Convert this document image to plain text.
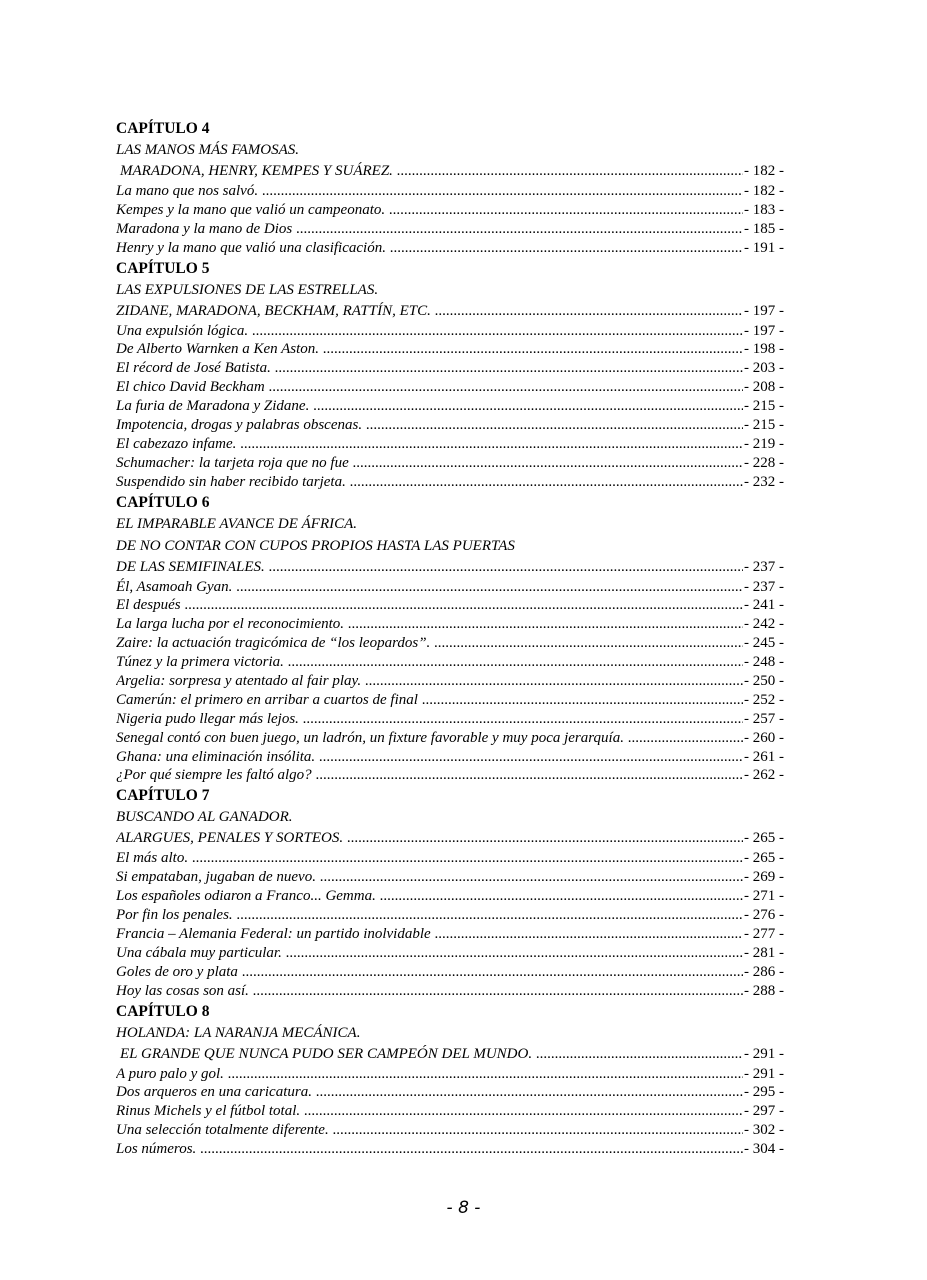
CAPÍTULO 4
LAS MANOS MÁS FAMOSAS.
MARADONA, HENRY, KEMPES Y SUÁREZ. .....	- 182 -
La mano que nos salvó. .....	- 182 -
Kempes y la mano que valió un campeonato. .....	- 183 -
Maradona y la mano de Dios .....	- 185 -
Henry y la mano que valió una clasificación. .....	- 191 -
CAPÍTULO 5
LAS EXPULSIONES DE LAS ESTRELLAS.
ZIDANE, MARADONA, BECKHAM, RATTÍN, ETC. .....	- 197 -
Una expulsión lógica. .....	- 197 -
De Alberto Warnken a Ken Aston. .....	- 198 -
El récord de José Batista. .....	- 203 -
El chico David Beckham .....	- 208 -
La furia de Maradona y Zidane. .....	- 215 -
Impotencia, drogas y palabras obscenas. .....	- 215 -
El cabezazo infame. .....	- 219 -
Schumacher: la tarjeta roja que no fue .....	- 228 -
Suspendido sin haber recibido tarjeta. .....	- 232 -
CAPÍTULO 6
EL IMPARABLE AVANCE DE ÁFRICA.
DE NO CONTAR CON CUPOS PROPIOS HASTA LAS PUERTAS
DE LAS SEMIFINALES. .....	- 237 -
Él, Asamoah Gyan. .....	- 237 -
El después .....	- 241 -
La larga lucha por el reconocimiento. .....	- 242 -
Zaire: la actuación tragicómica de “los leopardos”. .....	- 245 -
Túnez y la primera victoria. .....	- 248 -
Argelia: sorpresa y atentado al fair play. .....	- 250 -
Camerún: el primero en arribar a cuartos de final .....	- 252 -
Nigeria pudo llegar más lejos. .....	- 257 -
Senegal contó con buen juego, un ladrón, un fixture favorable y muy poca jerarquía. .....	- 260 -
Ghana: una eliminación insólita. .....	- 261 -
¿Por qué siempre les faltó algo? .....	- 262 -
CAPÍTULO 7
BUSCANDO AL GANADOR.
ALARGUES, PENALES Y SORTEOS. .....	- 265 -
El más alto. .....	- 265 -
Si empataban, jugaban de nuevo. .....	- 269 -
Los españoles odiaron a Franco... Gemma. .....	- 271 -
Por fin los penales. .....	- 276 -
Francia – Alemania Federal: un partido inolvidable .....	- 277 -
Una cábala muy particular. .....	- 281 -
Goles de oro y plata .....	- 286 -
Hoy las cosas son así. .....	- 288 -
CAPÍTULO 8
HOLANDA: LA NARANJA MECÁNICA.
EL GRANDE QUE NUNCA PUDO SER CAMPEÓN DEL MUNDO. .....	- 291 -
A puro palo y gol. .....	- 291 -
Dos arqueros en una caricatura. .....	- 295 -
Rinus Michels y el fútbol total. .....	- 297 -
Una selección totalmente diferente. .....	- 302 -
Los números. .....	- 304 -
- 8 -
